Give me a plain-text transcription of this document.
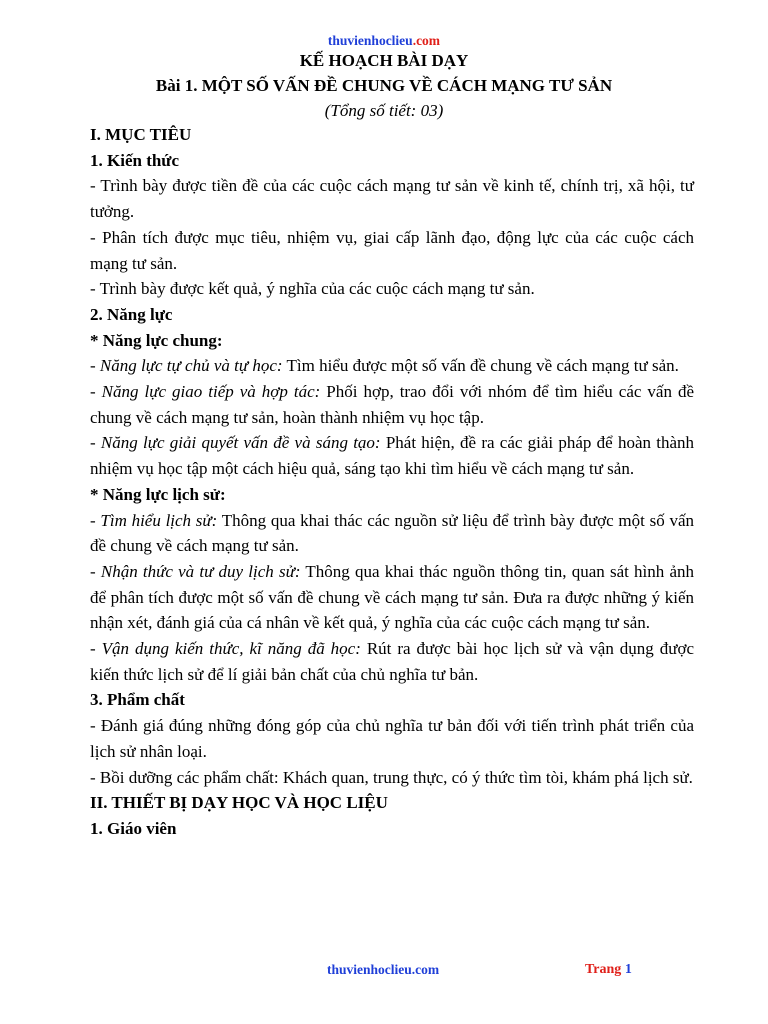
thuvienhoclieu.com
KẾ HOẠCH BÀI DẠY
Bài 1. MỘT SỐ VẤN ĐỀ CHUNG VỀ CÁCH MẠNG TƯ SẢN
(Tổng số tiết: 03)

I. MỤC TIÊU

1. Kiến thức

- Trình bày được tiền đề của các cuộc cách mạng tư sản về kinh tế, chính trị, xã hội, tư tưởng.

- Phân tích được mục tiêu, nhiệm vụ, giai cấp lãnh đạo, động lực của các cuộc cách mạng tư sản.

- Trình bày được kết quả, ý nghĩa của các cuộc cách mạng tư sản.

2. Năng lực

* Năng lực chung:

- Năng lực tự chủ và tự học: Tìm hiểu được một số vấn đề chung về cách mạng tư sản.

- Năng lực giao tiếp và hợp tác: Phối hợp, trao đổi với nhóm để tìm hiểu các vấn đề chung về cách mạng tư sản, hoàn thành nhiệm vụ học tập.

- Năng lực giải quyết vấn đề và sáng tạo: Phát hiện, đề ra các giải pháp để hoàn thành nhiệm vụ học tập một cách hiệu quả, sáng tạo khi tìm hiểu về cách mạng tư sản.

* Năng lực lịch sử:

- Tìm hiểu lịch sử: Thông qua khai thác các nguồn sử liệu để trình bày được một số vấn đề chung về cách mạng tư sản.

- Nhận thức và tư duy lịch sử: Thông qua khai thác nguồn thông tin, quan sát hình ảnh để phân tích được một số vấn đề chung về cách mạng tư sản. Đưa ra được những ý kiến nhận xét, đánh giá của cá nhân về kết quả, ý nghĩa của các cuộc cách mạng tư sản.

- Vận dụng kiến thức, kĩ năng đã học: Rút ra được bài học lịch sử và vận dụng được kiến thức lịch sử để lí giải bản chất của chủ nghĩa tư bản.

3. Phẩm chất

- Đánh giá đúng những đóng góp của chủ nghĩa tư bản đối với tiến trình phát triển của lịch sử nhân loại.

- Bồi dưỡng các phẩm chất: Khách quan, trung thực, có ý thức tìm tòi, khám phá lịch sử.

II. THIẾT BỊ DẠY HỌC VÀ HỌC LIỆU

1. Giáo viên

thuvienhoclieu.com	Trang 1
